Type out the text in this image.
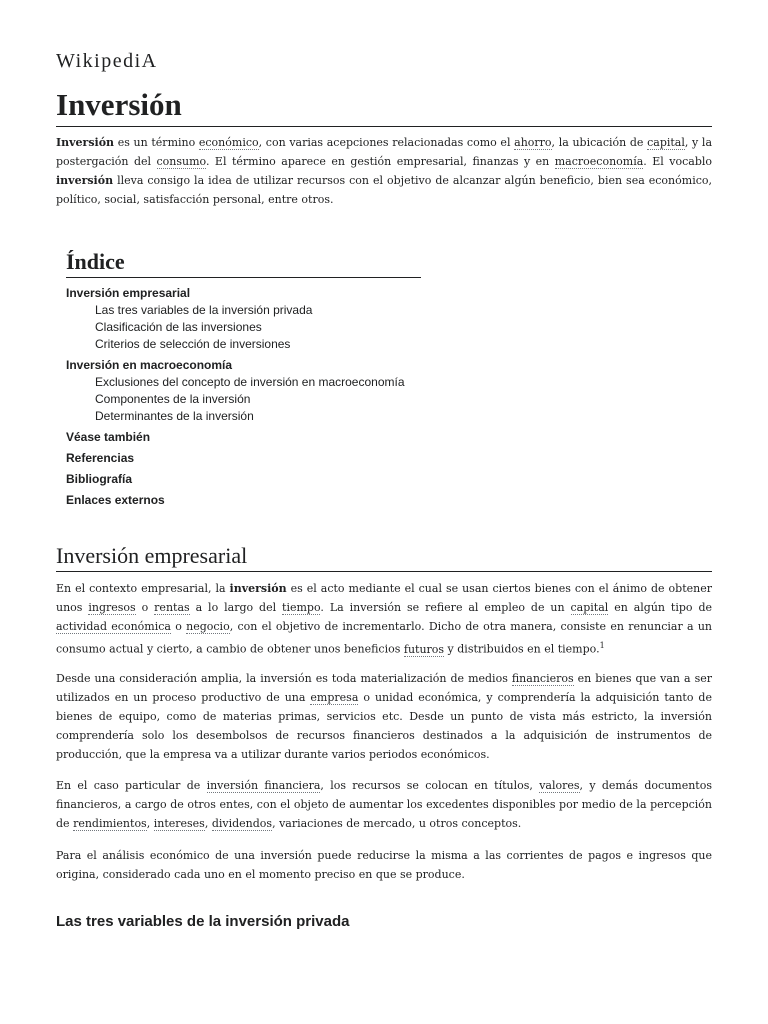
WikipediA
Inversión

Inversión es un término económico, con varias acepciones relacionadas como el ahorro, la ubicación de capital, y la postergación del consumo. El término aparece en gestión empresarial, finanzas y en macroeconomía. El vocablo inversión lleva consigo la idea de utilizar recursos con el objetivo de alcanzar algún beneficio, bien sea económico, político, social, satisfacción personal, entre otros.

Índice
Inversión empresarial
Las tres variables de la inversión privada
Clasificación de las inversiones
Criterios de selección de inversiones
Inversión en macroeconomía
Exclusiones del concepto de inversión en macroeconomía
Componentes de la inversión
Determinantes de la inversión
Véase también
Referencias
Bibliografía
Enlaces externos
Inversión empresarial

En el contexto empresarial, la inversión es el acto mediante el cual se usan ciertos bienes con el ánimo de obtener unos ingresos o rentas a lo largo del tiempo. La inversión se refiere al empleo de un capital en algún tipo de actividad económica o negocio, con el objetivo de incrementarlo. Dicho de otra manera, consiste en renunciar a un consumo actual y cierto, a cambio de obtener unos beneficios futuros y distribuidos en el tiempo.$^1$

Desde una consideración amplia, la inversión es toda materialización de medios financieros en bienes que van a ser utilizados en un proceso productivo de una empresa o unidad económica, y comprendería la adquisición tanto de bienes de equipo, como de materias primas, servicios etc. Desde un punto de vista más estricto, la inversión comprendería solo los desembolsos de recursos financieros destinados a la adquisición de instrumentos de producción, que la empresa va a utilizar durante varios periodos económicos.

En el caso particular de inversión financiera, los recursos se colocan en títulos, valores, y demás documentos financieros, a cargo de otros entes, con el objeto de aumentar los excedentes disponibles por medio de la percepción de rendimientos, intereses, dividendos, variaciones de mercado, u otros conceptos.

Para el análisis económico de una inversión puede reducirse la misma a las corrientes de pagos e ingresos que origina, considerado cada uno en el momento preciso en que se produce.

Las tres variables de la inversión privada
